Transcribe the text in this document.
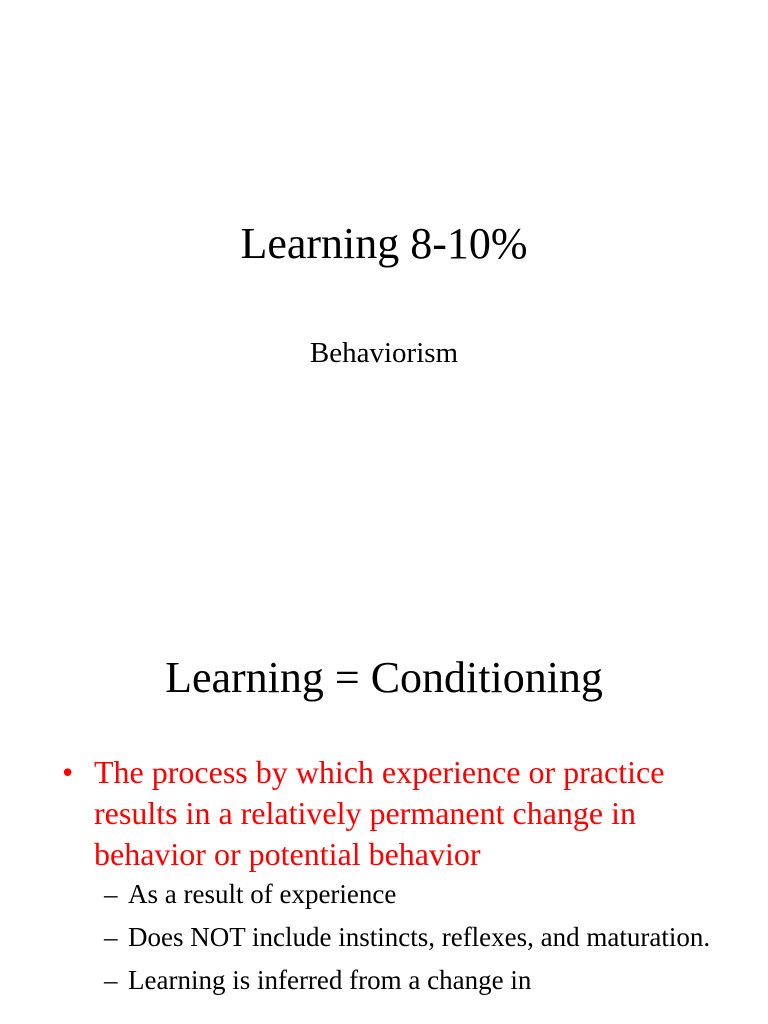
Learning 8-10%
Behaviorism
Learning = Conditioning
• The process by which experience or practice results in a relatively permanent change in behavior or potential behavior
– As a result of experience
– Does NOT include instincts, reflexes, and maturation.
– Learning is inferred from a change in
